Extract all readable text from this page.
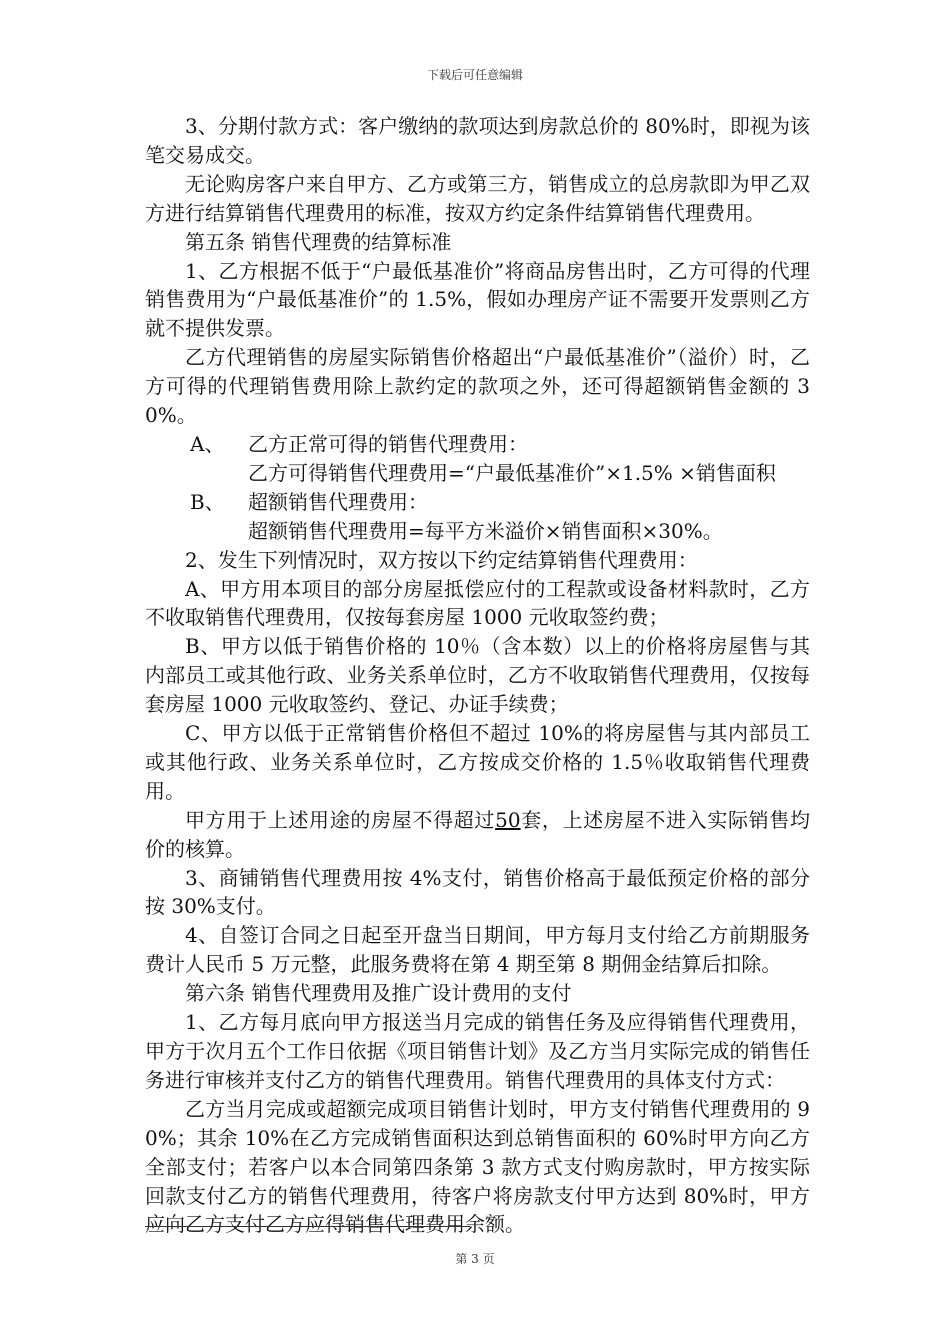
下载后可任意编辑

3、分期付款方式：客户缴纳的款项达到房款总价的 80%时，即视为该笔交易成交。

无论购房客户来自甲方、乙方或第三方，销售成立的总房款即为甲乙双方进行结算销售代理费用的标准，按双方约定条件结算销售代理费用。

第五条 销售代理费的结算标准

1、乙方根据不低于“户最低基准价”将商品房售出时，乙方可得的代理销售费用为“户最低基准价”的 1.5%，假如办理房产证不需要开发票则乙方就不提供发票。

乙方代理销售的房屋实际销售价格超出“户最低基准价”（溢价）时，乙方可得的代理销售费用除上款约定的款项之外，还可得超额销售金额的 30%。

A、 乙方正常可得的销售代理费用：

乙方可得销售代理费用=“户最低基准价”×1.5% ×销售面积

B、 超额销售代理费用：

超额销售代理费用=每平方米溢价×销售面积×30%。

2、发生下列情况时，双方按以下约定结算销售代理费用：

A、甲方用本项目的部分房屋抵偿应付的工程款或设备材料款时，乙方不收取销售代理费用，仅按每套房屋 1000 元收取签约费；

B、甲方以低于销售价格的 10％（含本数）以上的价格将房屋售与其内部员工或其他行政、业务关系单位时，乙方不收取销售代理费用，仅按每套房屋 1000 元收取签约、登记、办证手续费；

C、甲方以低于正常销售价格但不超过 10%的将房屋售与其内部员工或其他行政、业务关系单位时，乙方按成交价格的 1.5％收取销售代理费用。

甲方用于上述用途的房屋不得超过50套，上述房屋不进入实际销售均价的核算。

3、商铺销售代理费用按 4%支付，销售价格高于最低预定价格的部分按 30%支付。

4、自签订合同之日起至开盘当日期间，甲方每月支付给乙方前期服务费计人民币 5 万元整，此服务费将在第 4 期至第 8 期佣金结算后扣除。

第六条 销售代理费用及推广设计费用的支付

1、乙方每月底向甲方报送当月完成的销售任务及应得销售代理费用，甲方于次月五个工作日依据《项目销售计划》及乙方当月实际完成的销售任务进行审核并支付乙方的销售代理费用。销售代理费用的具体支付方式：

乙方当月完成或超额完成项目销售计划时，甲方支付销售代理费用的 90%；其余 10%在乙方完成销售面积达到总销售面积的 60%时甲方向乙方全部支付；若客户以本合同第四条第 3 款方式支付购房款时，甲方按实际回款支付乙方的销售代理费用，待客户将房款支付甲方达到 80%时，甲方应向乙方支付乙方应得销售代理费用余额。

第 3 页
